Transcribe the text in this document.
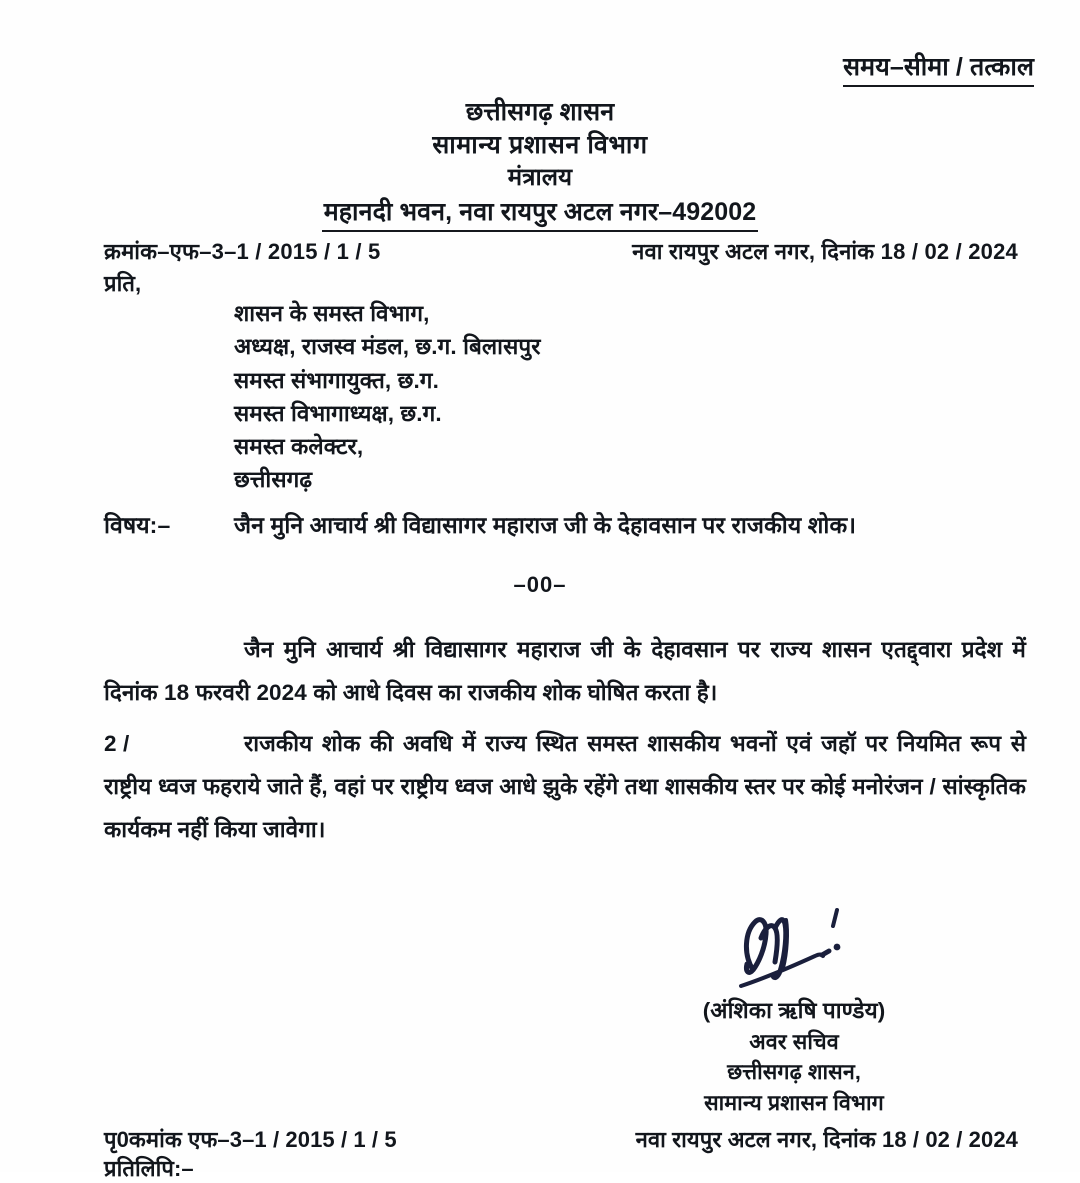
समय–सीमा / तत्काल
छत्तीसगढ़ शासन
सामान्य प्रशासन विभाग
मंत्रालय
महानदी भवन, नवा रायपुर अटल नगर–492002
क्रमांक–एफ–3–1 / 2015 / 1 / 5	नवा रायपुर अटल नगर, दिनांक 18 / 02 / 2024
प्रति,
शासन के समस्त विभाग,
अध्यक्ष, राजस्व मंडल, छ.ग. बिलासपुर
समस्त संभागायुक्त, छ.ग.
समस्त विभागाध्यक्ष, छ.ग.
समस्त कलेक्टर,
छत्तीसगढ़
विषय:–	जैन मुनि आचार्य श्री विद्यासागर महाराज जी के देहावसान पर राजकीय शोक।
–00–
जैन मुनि आचार्य श्री विद्यासागर महाराज जी के देहावसान पर राज्य शासन एतद्द्वारा प्रदेश में दिनांक 18 फरवरी 2024 को आधे दिवस का राजकीय शोक घोषित करता है।
2 /	राजकीय शोक की अवधि में राज्य स्थित समस्त शासकीय भवनों एवं जहॉ पर नियमित रूप से राष्ट्रीय ध्वज फहराये जाते हैं, वहां पर राष्ट्रीय ध्वज आधे झुके रहेंगे तथा शासकीय स्तर पर कोई मनोरंजन / सांस्कृतिक कार्यकम नहीं किया जावेगा।
(अंशिका ऋषि पाण्डेय)
अवर सचिव
छत्तीसगढ़ शासन,
सामान्य प्रशासन विभाग
पृ0कमांक एफ–3–1 / 2015 / 1 / 5	नवा रायपुर अटल नगर, दिनांक 18 / 02 / 2024
प्रतिलिपि:–
